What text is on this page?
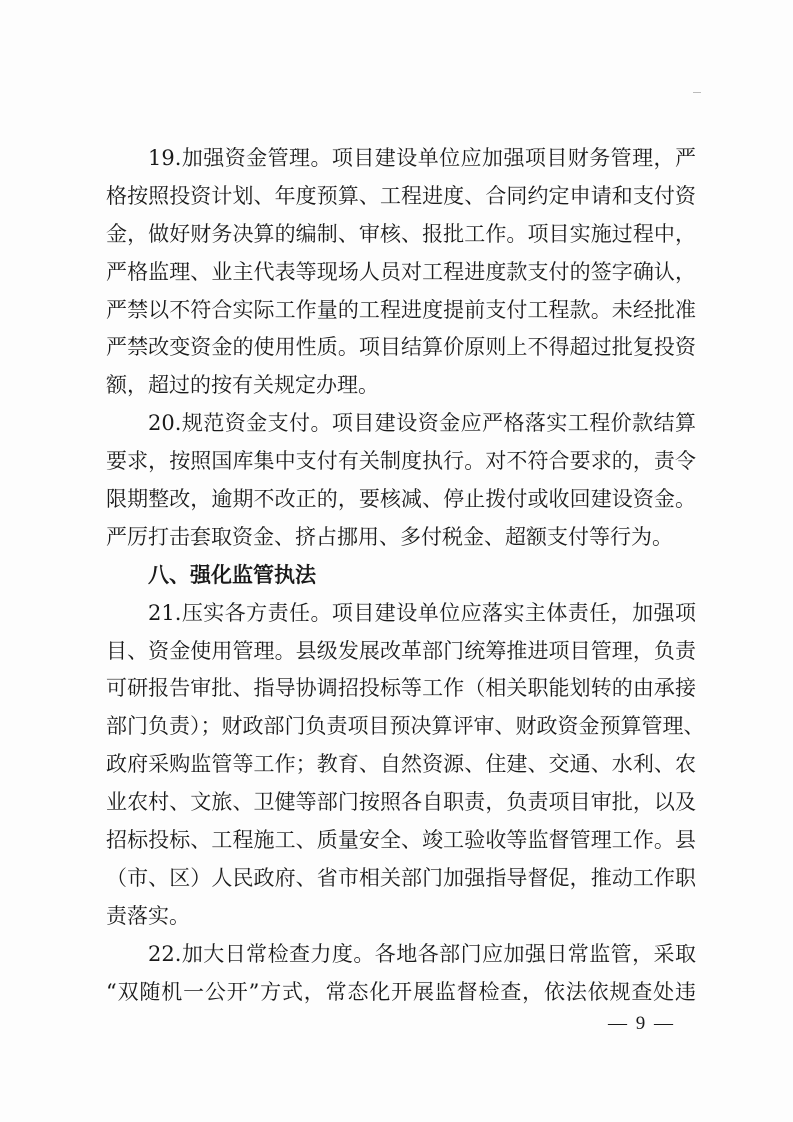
19.加强资金管理。项目建设单位应加强项目财务管理，严
格按照投资计划、年度预算、工程进度、合同约定申请和支付资
金，做好财务决算的编制、审核、报批工作。项目实施过程中，
严格监理、业主代表等现场人员对工程进度款支付的签字确认，
严禁以不符合实际工作量的工程进度提前支付工程款。未经批准
严禁改变资金的使用性质。项目结算价原则上不得超过批复投资
额，超过的按有关规定办理。
20.规范资金支付。项目建设资金应严格落实工程价款结算
要求，按照国库集中支付有关制度执行。对不符合要求的，责令
限期整改，逾期不改正的，要核减、停止拨付或收回建设资金。
严厉打击套取资金、挤占挪用、多付税金、超额支付等行为。
八、强化监管执法
21.压实各方责任。项目建设单位应落实主体责任，加强项
目、资金使用管理。县级发展改革部门统筹推进项目管理，负责
可研报告审批、指导协调招投标等工作（相关职能划转的由承接
部门负责）；财政部门负责项目预决算评审、财政资金预算管理、
政府采购监管等工作；教育、自然资源、住建、交通、水利、农
业农村、文旅、卫健等部门按照各自职责，负责项目审批，以及
招标投标、工程施工、质量安全、竣工验收等监督管理工作。县
（市、区）人民政府、省市相关部门加强指导督促，推动工作职
责落实。
22.加大日常检查力度。各地各部门应加强日常监管，采取
“双随机一公开”方式，常态化开展监督检查，依法依规查处违
— 9 —
